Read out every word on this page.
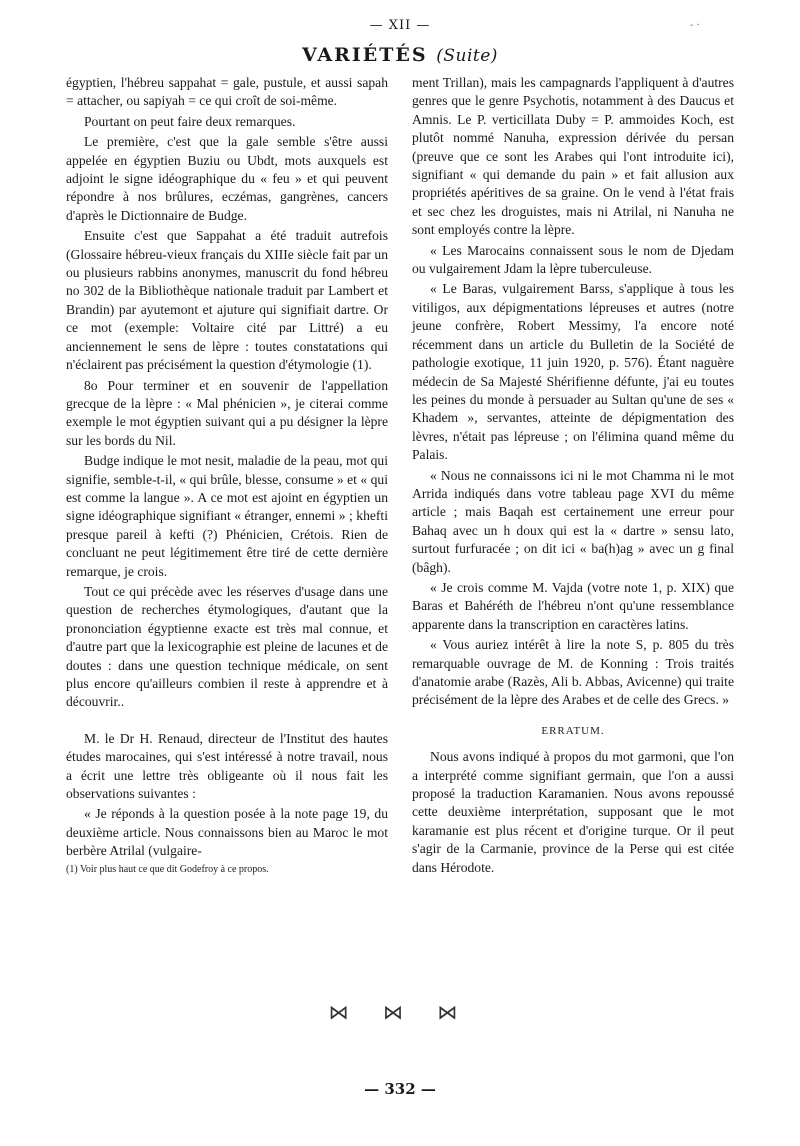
— XII —
VARIÉTÉS (Suite)
- ·

égyptien, l'hébreu sappahat = gale, pustule, et aussi sapah = attacher, ou sapiyah = ce qui croît de soi-même.

Pourtant on peut faire deux remarques.

Le première, c'est que la gale semble s'être aussi appelée en égyptien Buziu ou Ubdt, mots auxquels est adjoint le signe idéographique du « feu » et qui peuvent répondre à nos brûlures, eczémas, gangrènes, cancers d'après le Dictionnaire de Budge.

Ensuite c'est que Sappahat a été traduit autrefois (Glossaire hébreu-vieux français du XIIIe siècle fait par un ou plusieurs rabbins anonymes, manuscrit du fond hébreu no 302 de la Bibliothèque nationale traduit par Lambert et Brandin) par ayutemont et ajuture qui signifiait dartre. Or ce mot (exemple: Voltaire cité par Littré) a eu anciennement le sens de lèpre : toutes constatations qui n'éclairent pas précisément la question d'étymologie (1).

8o Pour terminer et en souvenir de l'appellation grecque de la lèpre : « Mal phénicien », je citerai comme exemple le mot égyptien suivant qui a pu désigner la lèpre sur les bords du Nil.

Budge indique le mot nesit, maladie de la peau, mot qui signifie, semble-t-il, « qui brûle, blesse, consume » et « qui est comme la langue ». A ce mot est ajoint en égyptien un signe idéographique signifiant « étranger, ennemi » ; khefti presque pareil à kefti (?) Phénicien, Crétois. Rien de concluant ne peut légitimement être tiré de cette dernière remarque, je crois.

Tout ce qui précède avec les réserves d'usage dans une question de recherches étymologiques, d'autant que la prononciation égyptienne exacte est très mal connue, et d'autre part que la lexicographie est pleine de lacunes et de doutes : dans une question technique médicale, on sent plus encore qu'ailleurs combien il reste à apprendre et à découvrir..

M. le Dr H. Renaud, directeur de l'Institut des hautes études marocaines, qui s'est intéressé à notre travail, nous a écrit une lettre très obligeante où il nous fait les observations suivantes :

« Je réponds à la question posée à la note page 19, du deuxième article. Nous connaissons bien au Maroc le mot berbère Atrilal (vulgaire-

(1) Voir plus haut ce que dit Godefroy à ce propos.

ment Trillan), mais les campagnards l'appliquent à d'autres genres que le genre Psychotis, notamment à des Daucus et Amnis. Le P. verticillata Duby = P. ammoides Koch, est plutôt nommé Nanuha, expression dérivée du persan (preuve que ce sont les Arabes qui l'ont introduite ici), signifiant « qui demande du pain » et fait allusion aux propriétés apéritives de sa graine. On le vend à l'état frais et sec chez les droguistes, mais ni Atrilal, ni Nanuha ne sont employés contre la lèpre.

« Les Marocains connaissent sous le nom de Djedam ou vulgairement Jdam la lèpre tuberculeuse.

« Le Baras, vulgairement Barss, s'applique à tous les vitiligos, aux dépigmentations lépreuses et autres (notre jeune confrère, Robert Messimy, l'a encore noté récemment dans un article du Bulletin de la Société de pathologie exotique, 11 juin 1920, p. 576). Étant naguère médecin de Sa Majesté Shérifienne défunte, j'ai eu toutes les peines du monde à persuader au Sultan qu'une de ses « Khadem », servantes, atteinte de dépigmentation des lèvres, n'était pas lépreuse ; on l'élimina quand même du Palais.

« Nous ne connaissons ici ni le mot Chamma ni le mot Arrida indiqués dans votre tableau page XVI du même article ; mais Baqah est certainement une erreur pour Bahaq avec un h doux qui est la « dartre » sensu lato, surtout furfuracée ; on dit ici « ba(h)ag » avec un g final (bâgh).

« Je crois comme M. Vajda (votre note 1, p. XIX) que Baras et Bahéréth de l'hébreu n'ont qu'une ressemblance apparente dans la transcription en caractères latins.

« Vous auriez intérêt à lire la note S, p. 805 du très remarquable ouvrage de M. de Konning : Trois traités d'anatomie arabe (Razès, Ali b. Abbas, Avicenne) qui traite précisément de la lèpre des Arabes et de celle des Grecs. »

ERRATUM.

Nous avons indiqué à propos du mot garmoni, que l'on a interprété comme signifiant germain, que l'on a aussi proposé la traduction Karamanien. Nous avons repoussé cette deuxième interprétation, supposant que le mot karamanie est plus récent et d'origine turque. Or il peut s'agir de la Carmanie, province de la Perse qui est citée dans Hérodote.

⋈ ⋈ ⋈
— 332 —
